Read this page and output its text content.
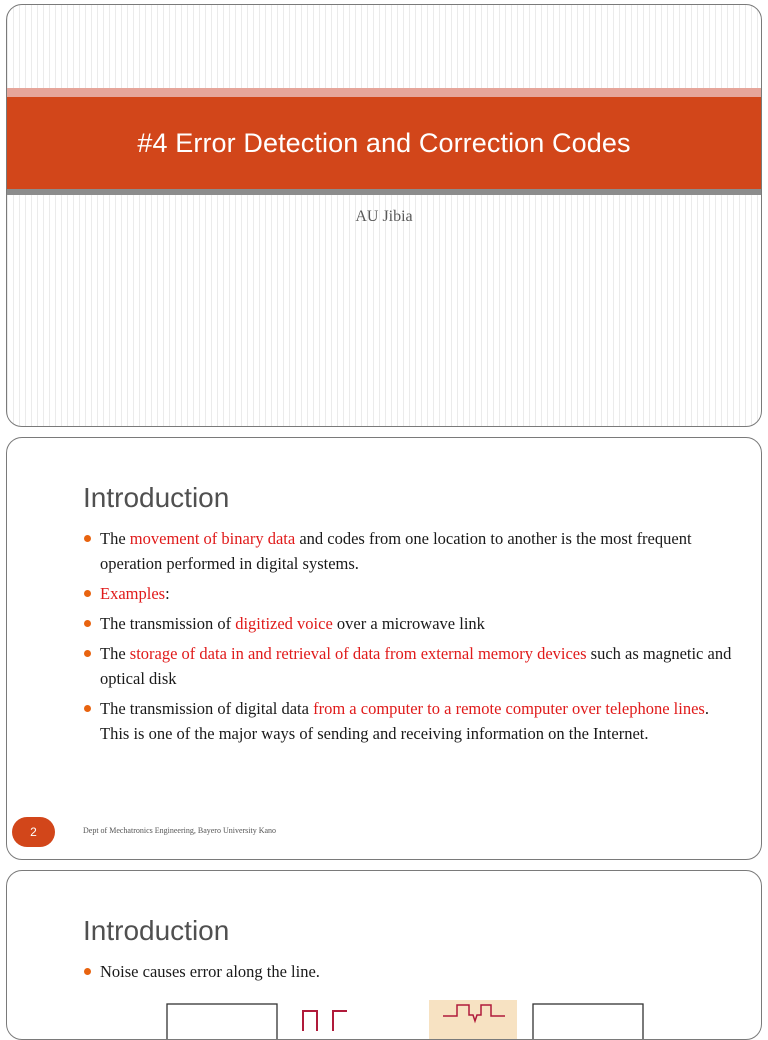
#4 Error Detection and Correction Codes
AU Jibia
Introduction
The movement of binary data and codes from one location to another is the most frequent operation performed in digital systems.
Examples:
The transmission of digitized voice over a microwave link
The storage of data in and retrieval of data from external memory devices such as magnetic and optical disk
The transmission of digital data from a computer to a remote computer over telephone lines. This is one of the major ways of sending and receiving information on the Internet.
2	Dept of Mechatronics Engineering, Bayero University Kano
Introduction
Noise causes error along the line.
